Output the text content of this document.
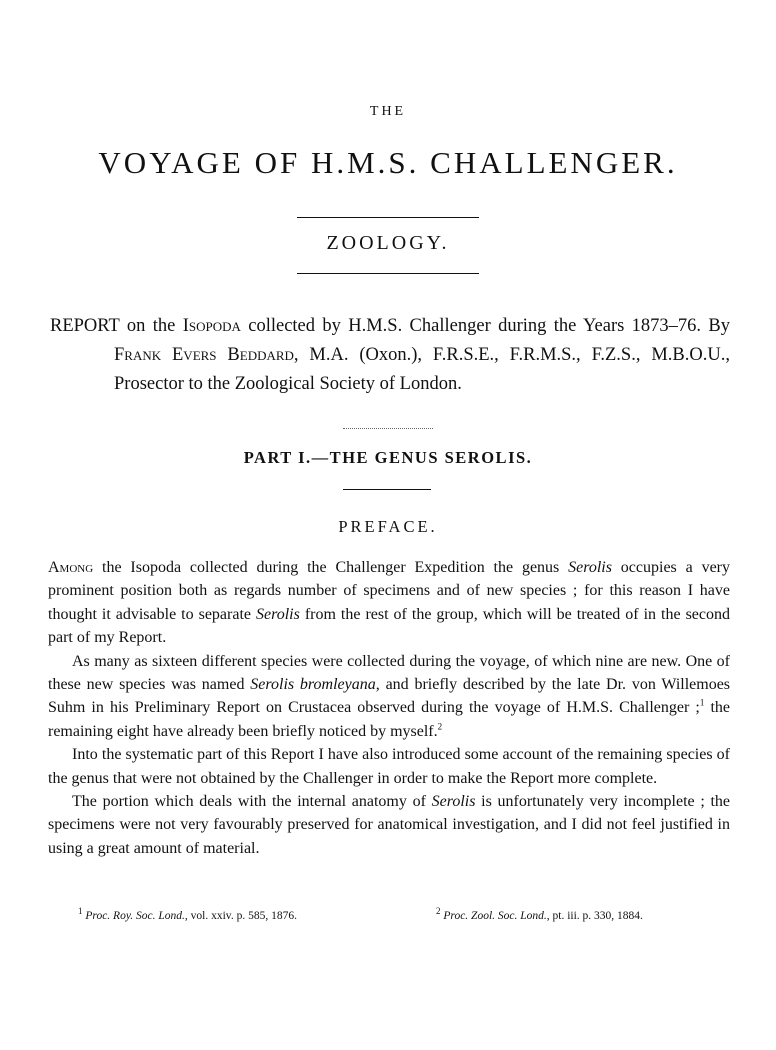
THE
VOYAGE OF H.M.S. CHALLENGER.
ZOOLOGY.
REPORT on the Isopoda collected by H.M.S. Challenger during the Years 1873–76. By Frank Evers Beddard, M.A. (Oxon.), F.R.S.E., F.R.M.S., F.Z.S., M.B.O.U., Prosector to the Zoological Society of London.
PART I.—THE GENUS SEROLIS.
PREFACE.

Among the Isopoda collected during the Challenger Expedition the genus Serolis occupies a very prominent position both as regards number of specimens and of new species ; for this reason I have thought it advisable to separate Serolis from the rest of the group, which will be treated of in the second part of my Report.

As many as sixteen different species were collected during the voyage, of which nine are new. One of these new species was named Serolis bromleyana, and briefly described by the late Dr. von Willemoes Suhm in his Preliminary Report on Crustacea observed during the voyage of H.M.S. Challenger ;$^1$ the remaining eight have already been briefly noticed by myself.$^2$

Into the systematic part of this Report I have also introduced some account of the remaining species of the genus that were not obtained by the Challenger in order to make the Report more complete.

The portion which deals with the internal anatomy of Serolis is unfortunately very incomplete ; the specimens were not very favourably preserved for anatomical investigation, and I did not feel justified in using a great amount of material.

$^1$ Proc. Roy. Soc. Lond., vol. xxiv. p. 585, 1876.	$^2$ Proc. Zool. Soc. Lond., pt. iii. p. 330, 1884.
